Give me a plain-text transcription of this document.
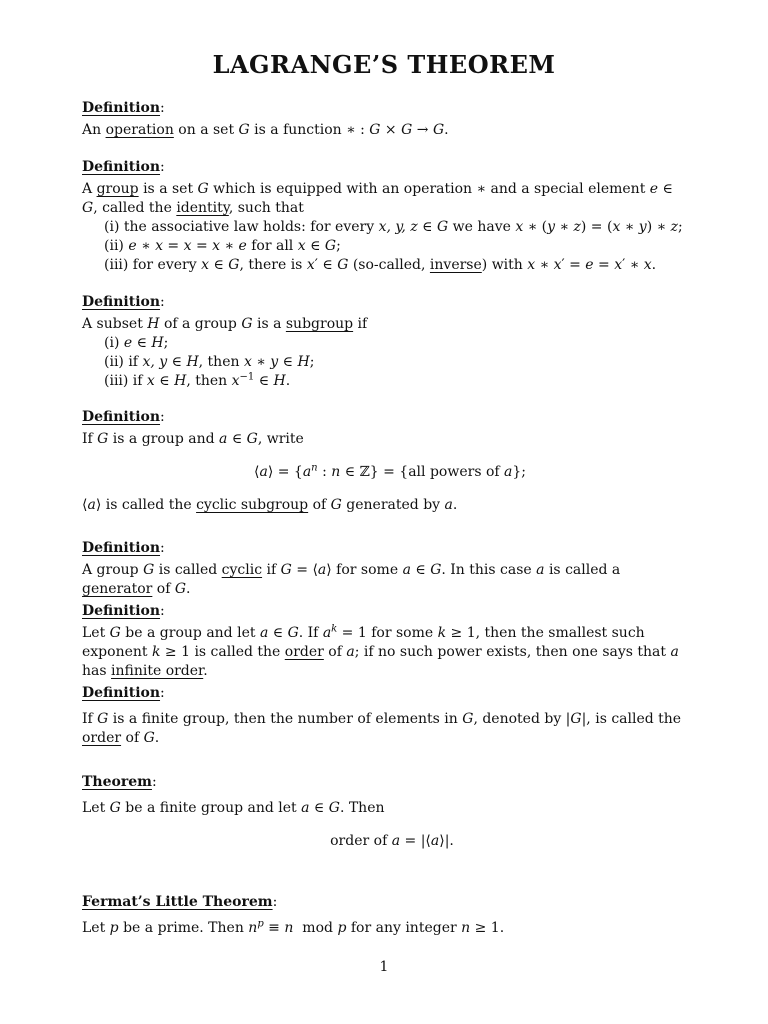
LAGRANGE’S THEOREM
Definition:
An operation on a set G is a function ∗ : G × G → G.
Definition:
A group is a set G which is equipped with an operation ∗ and a special element e ∈ G, called the identity, such that
(i) the associative law holds: for every x, y, z ∈ G we have x ∗ (y ∗ z) = (x ∗ y) ∗ z;
(ii) e ∗ x = x = x ∗ e for all x ∈ G;
(iii) for every x ∈ G, there is x′ ∈ G (so-called, inverse) with x ∗ x′ = e = x′ ∗ x.
Definition:
A subset H of a group G is a subgroup if
(i) e ∈ H;
(ii) if x, y ∈ H, then x ∗ y ∈ H;
(iii) if x ∈ H, then $x^{-1}$ ∈ H.
Definition:
If G is a group and a ∈ G, write
⟨a⟩ = {$a^n$ : n ∈ ℤ} = {all powers of a};
⟨a⟩ is called the cyclic subgroup of G generated by a.
Definition:
A group G is called cyclic if G = ⟨a⟩ for some a ∈ G. In this case a is called a generator of G.
Definition:
Let G be a group and let a ∈ G. If $a^k = 1$ for some k ≥ 1, then the smallest such exponent k ≥ 1 is called the order of a; if no such power exists, then one says that a has infinite order.
Definition:
If G is a finite group, then the number of elements in G, denoted by |G|, is called the order of G.
Theorem:
Let G be a finite group and let a ∈ G. Then
order of a = |⟨a⟩|.
Fermat’s Little Theorem:
Let p be a prime. Then $n^p \equiv n$  mod p for any integer n ≥ 1.
1
